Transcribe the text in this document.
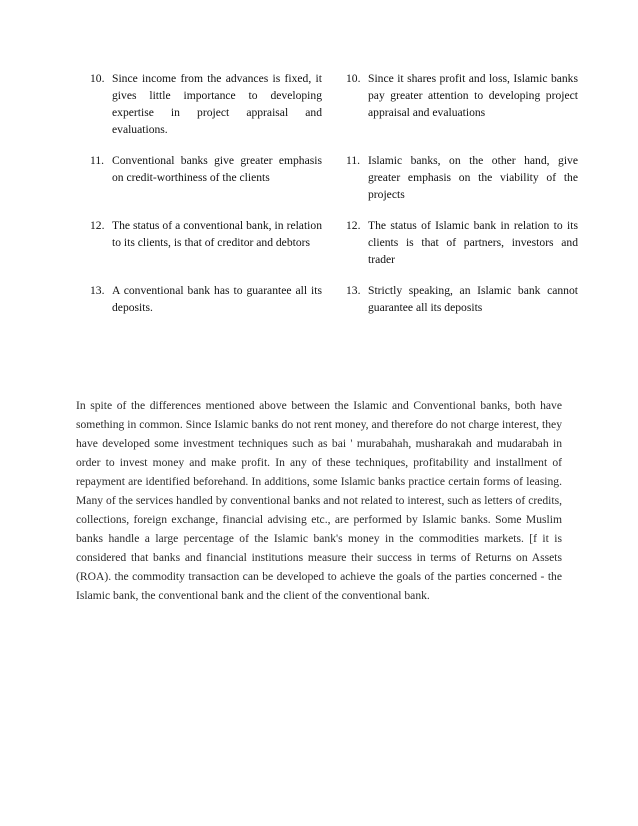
10. Since income from the advances is fixed, it gives little importance to developing expertise in project appraisal and evaluations.
10. Since it shares profit and loss, Islamic banks pay greater attention to developing project appraisal and evaluations
11. Conventional banks give greater emphasis on credit-worthiness of the clients
11. Islamic banks, on the other hand, give greater emphasis on the viability of the projects
12. The status of a conventional bank, in relation to its clients, is that of creditor and debtors
12. The status of Islamic bank in relation to its clients is that of partners, investors and trader
13. A conventional bank has to guarantee all its deposits.
13. Strictly speaking, an Islamic bank cannot guarantee all its deposits

In spite of the differences mentioned above between the Islamic and Conventional banks, both have something in common. Since Islamic banks do not rent money, and therefore do not charge interest, they have developed some investment techniques such as bai ' murabahah, musharakah and mudarabah in order to invest money and make profit. In any of these techniques, profitability and installment of repayment are identified beforehand. In additions, some Islamic banks practice certain forms of leasing. Many of the services handled by conventional banks and not related to interest, such as letters of credits, collections, foreign exchange, financial advising etc., are performed by Islamic banks. Some Muslim banks handle a large percentage of the Islamic bank's money in the commodities markets. [f it is considered that banks and financial institutions measure their success in terms of Returns on Assets (ROA). the commodity transaction can be developed to achieve the goals of the parties concerned - the Islamic bank, the conventional bank and the client of the conventional bank.
